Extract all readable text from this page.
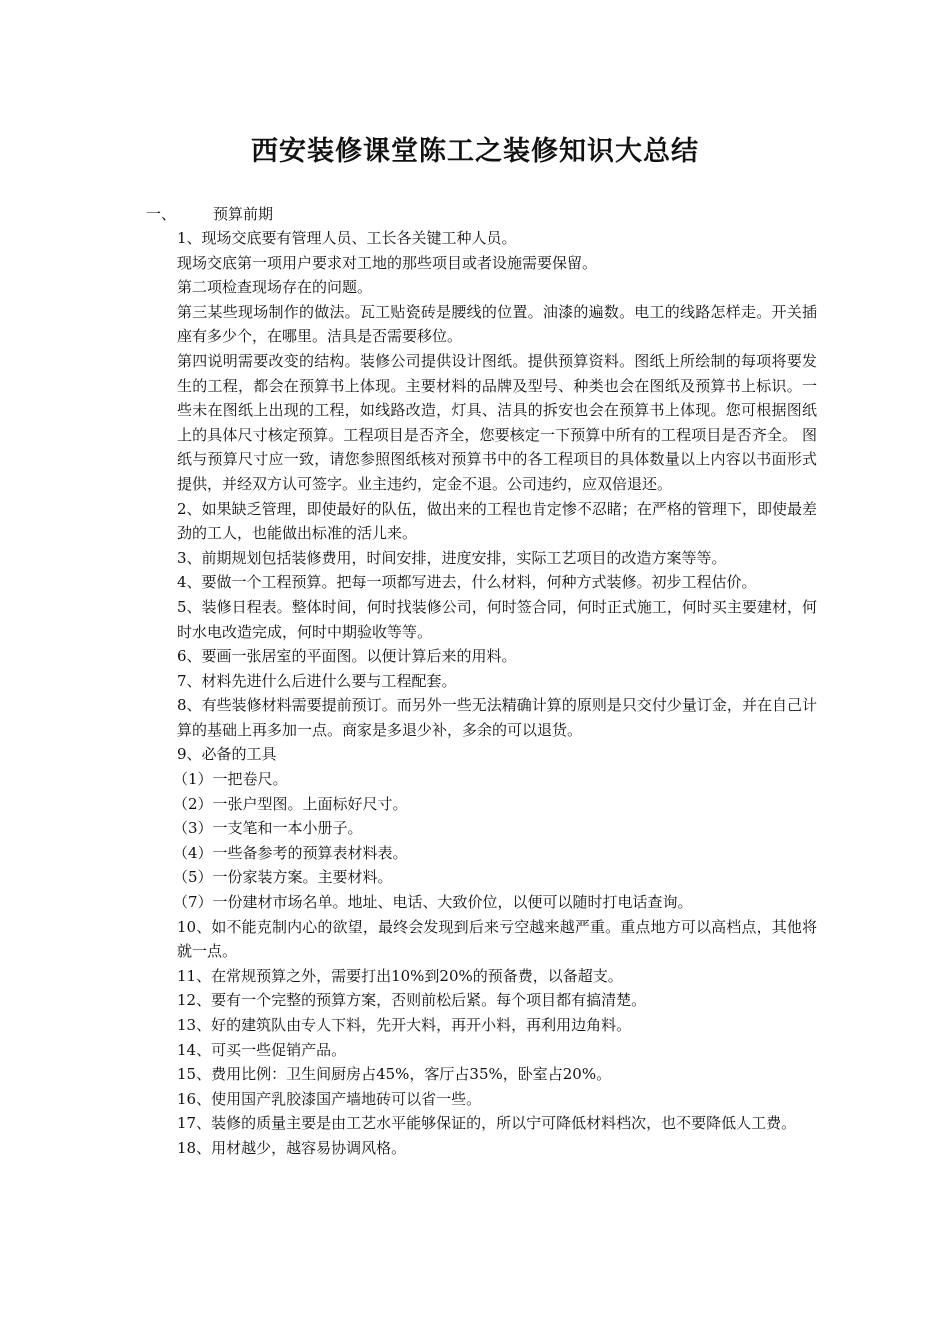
西安装修课堂陈工之装修知识大总结
一、 预算前期

1、现场交底要有管理人员、工长各关键工种人员。

现场交底第一项用户要求对工地的那些项目或者设施需要保留。

第二项检查现场存在的问题。

第三某些现场制作的做法。瓦工贴瓷砖是腰线的位置。油漆的遍数。电工的线路怎样走。开关插座有多少个，在哪里。洁具是否需要移位。

第四说明需要改变的结构。装修公司提供设计图纸。提供预算资料。图纸上所绘制的每项将要发生的工程，都会在预算书上体现。主要材料的品牌及型号、种类也会在图纸及预算书上标识。一些未在图纸上出现的工程，如线路改造，灯具、洁具的拆安也会在预算书上体现。您可根据图纸上的具体尺寸核定预算。工程项目是否齐全，您要核定一下预算中所有的工程项目是否齐全。 图纸与预算尺寸应一致，请您参照图纸核对预算书中的各工程项目的具体数量以上内容以书面形式提供，并经双方认可签字。业主违约，定金不退。公司违约，应双倍退还。

2、如果缺乏管理，即使最好的队伍，做出来的工程也肯定惨不忍睹；在严格的管理下，即使最差劲的工人，也能做出标准的活儿来。

3、前期规划包括装修费用，时间安排，进度安排，实际工艺项目的改造方案等等。

4、要做一个工程预算。把每一项都写进去，什么材料，何种方式装修。初步工程估价。

5、装修日程表。整体时间，何时找装修公司，何时签合同，何时正式施工，何时买主要建材，何时水电改造完成，何时中期验收等等。

6、要画一张居室的平面图。以便计算后来的用料。

7、材料先进什么后进什么要与工程配套。

8、有些装修材料需要提前预订。而另外一些无法精确计算的原则是只交付少量订金，并在自己计算的基础上再多加一点。商家是多退少补，多余的可以退货。

9、必备的工具

（1）一把卷尺。

（2）一张户型图。上面标好尺寸。

（3）一支笔和一本小册子。

（4）一些备参考的预算表材料表。

（5）一份家装方案。主要材料。

（7）一份建材市场名单。地址、电话、大致价位，以便可以随时打电话查询。

10、如不能克制内心的欲望，最终会发现到后来亏空越来越严重。重点地方可以高档点，其他将就一点。

11、在常规预算之外，需要打出10%到20%的预备费，以备超支。

12、要有一个完整的预算方案，否则前松后紧。每个项目都有搞清楚。

13、好的建筑队由专人下料，先开大料，再开小料，再利用边角料。

14、可买一些促销产品。

15、费用比例：卫生间厨房占45%，客厅占35%，卧室占20%。

16、使用国产乳胶漆国产墙地砖可以省一些。

17、装修的质量主要是由工艺水平能够保证的，所以宁可降低材料档次，也不要降低人工费。

18、用材越少，越容易协调风格。
